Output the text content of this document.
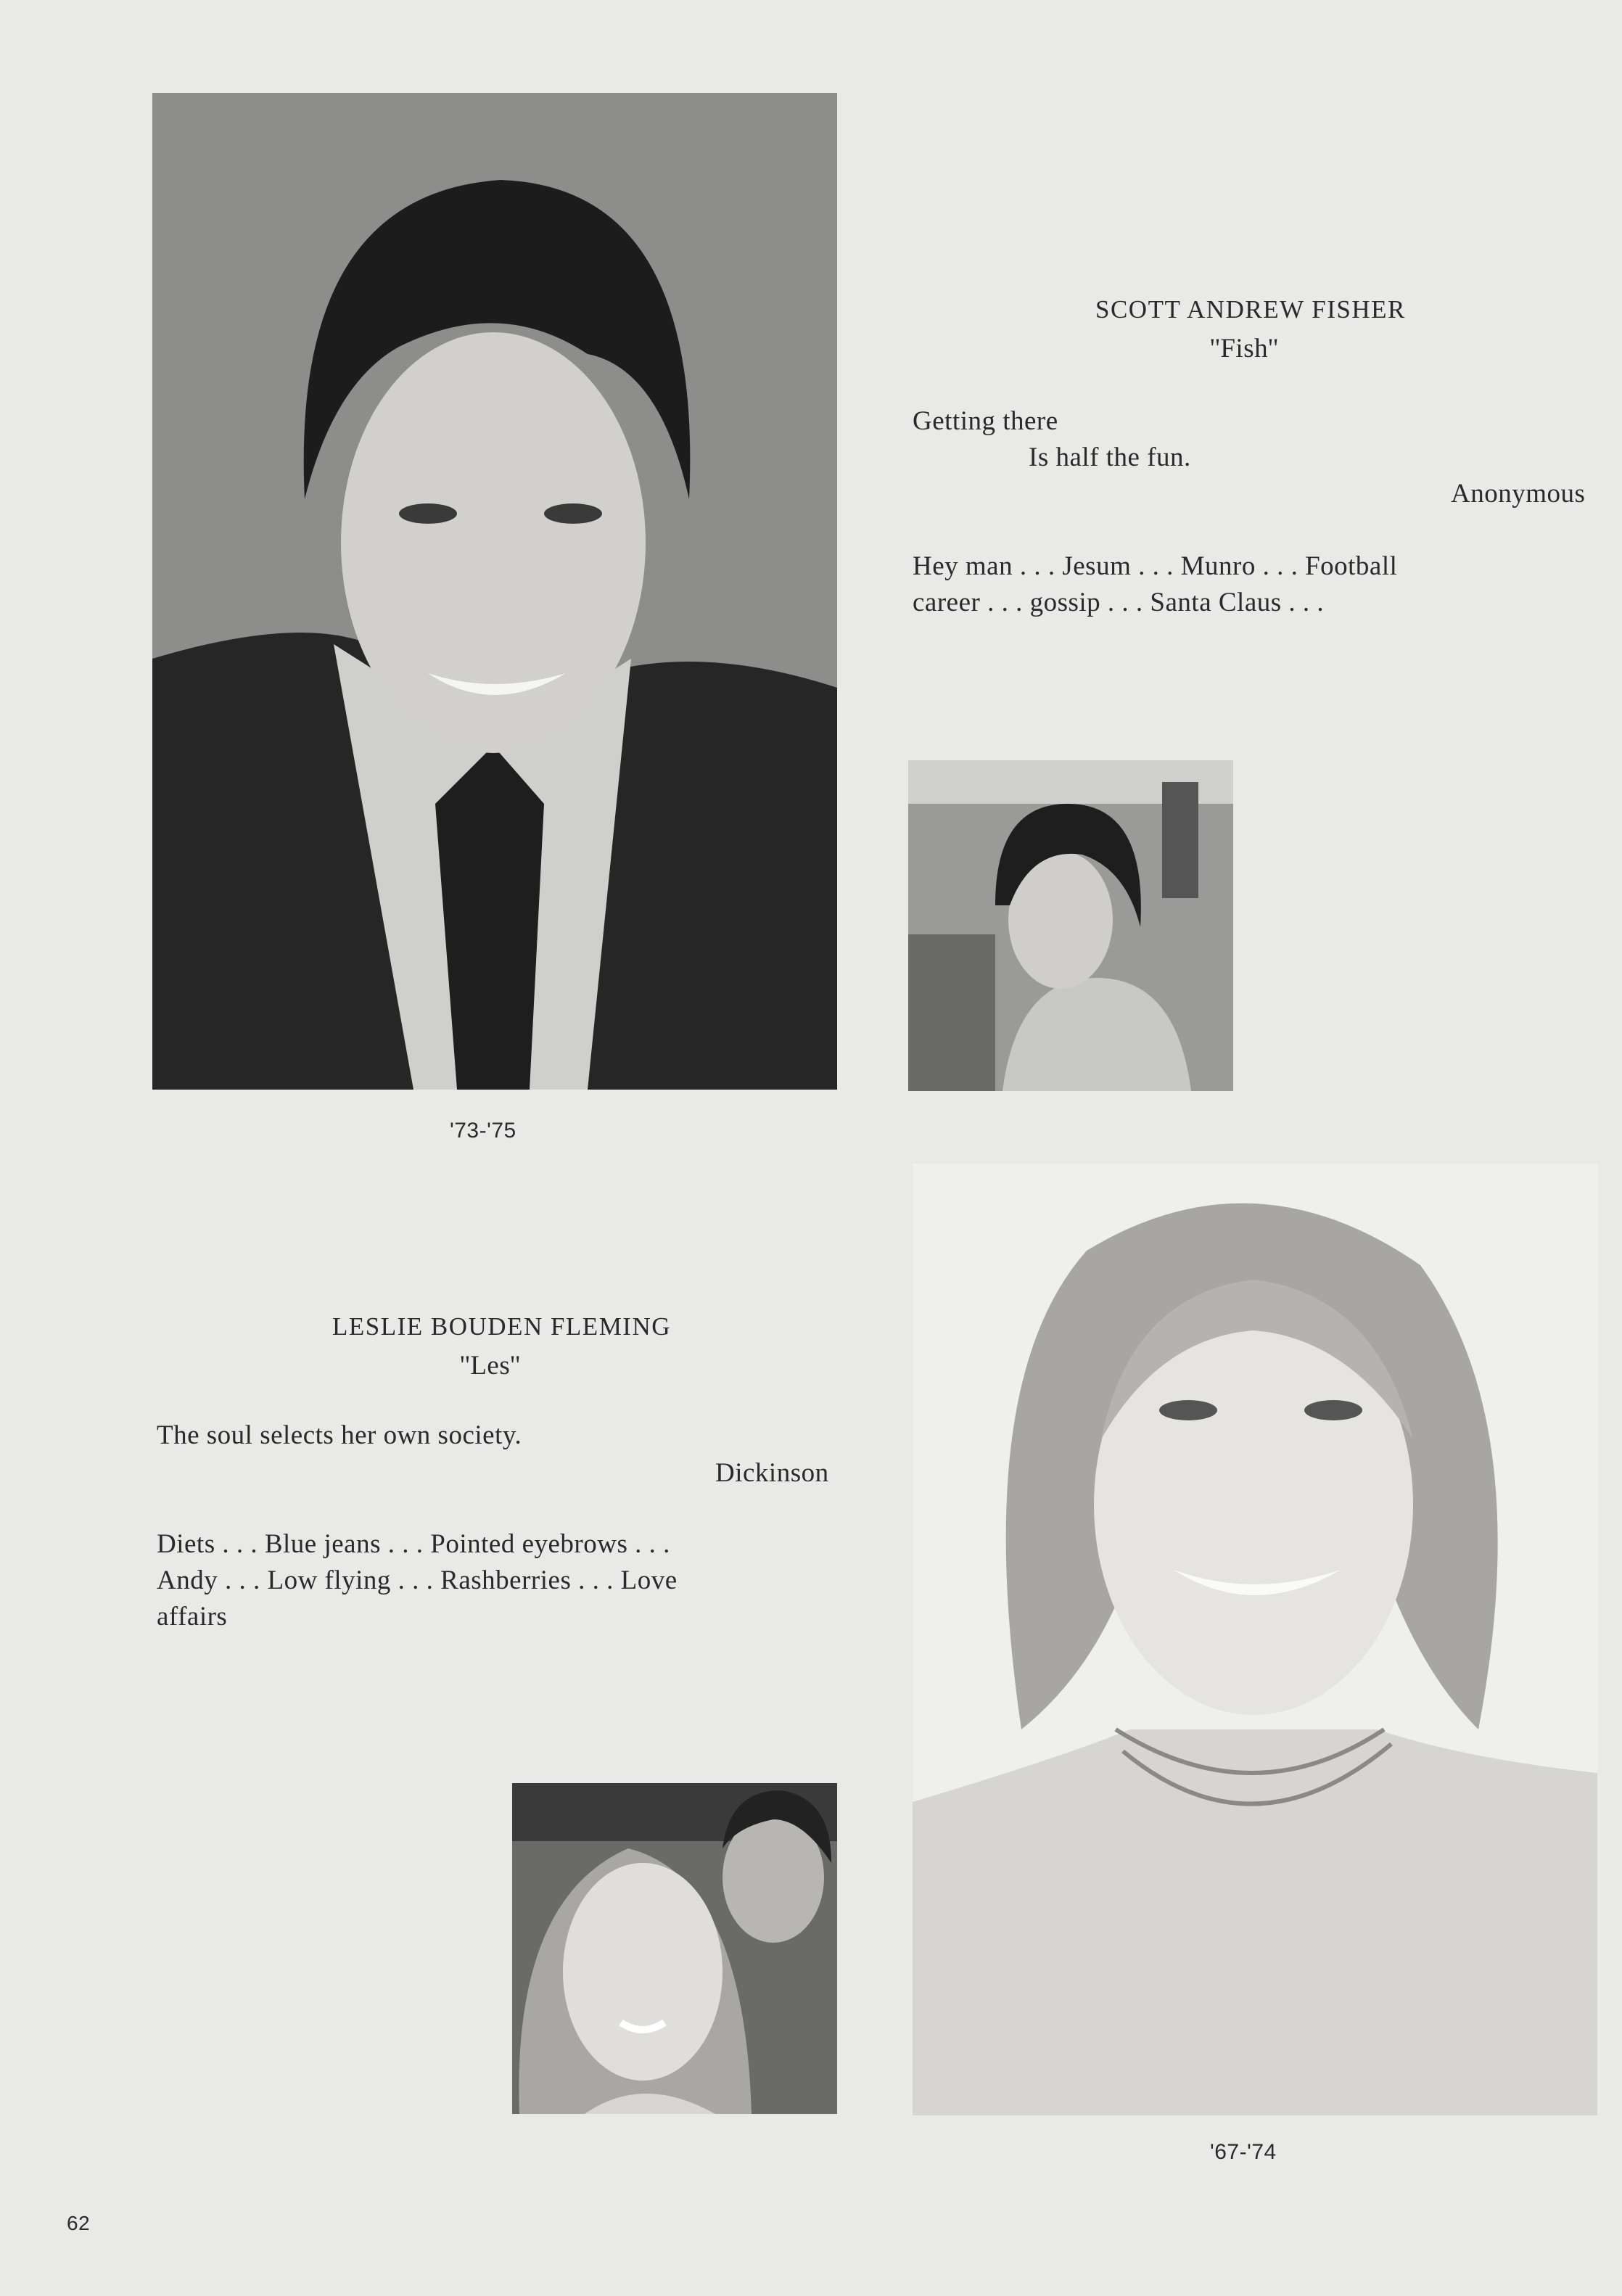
SCOTT ANDREW FISHER
''Fish''
Getting there
Is half the fun.
Anonymous
Hey man . . . Jesum . . . Munro . . . Football
career . . . gossip . . . Santa Claus . . .
'73-'75
LESLIE BOUDEN FLEMING
''Les''
The soul selects her own society.
Dickinson
Diets . . . Blue jeans . . . Pointed eyebrows . . .
Andy . . . Low flying . . . Rashberries . . . Love
affairs
'67-'74
62
